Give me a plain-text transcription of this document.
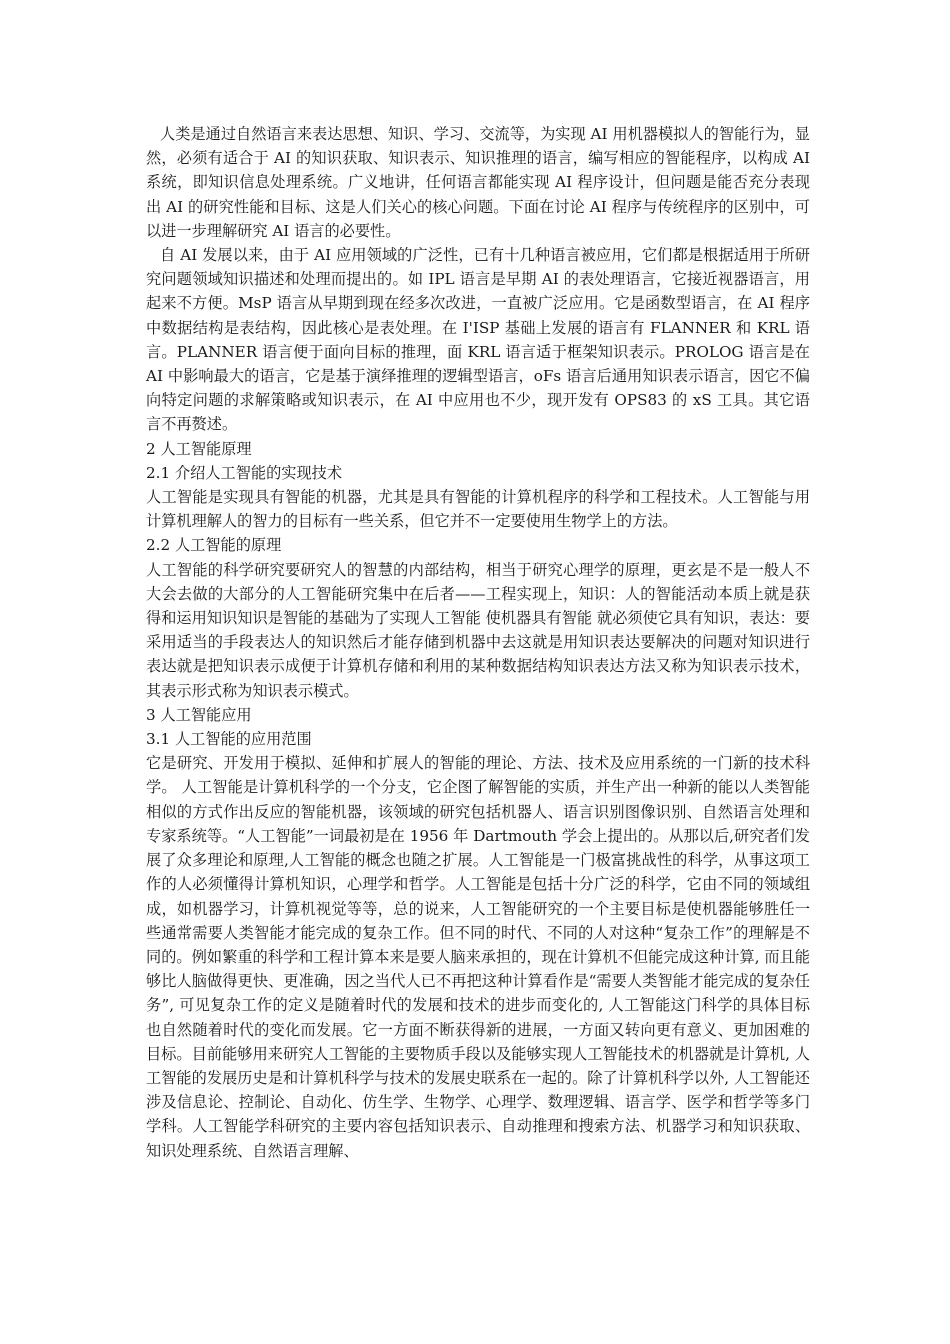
人类是通过自然语言来表达思想、知识、学习、交流等，为实现 AI 用机器模拟人的智能行为，显然，必须有适合于 AI 的知识获取、知识表示、知识推理的语言，编写相应的智能程序，以构成 AI 系统，即知识信息处理系统。广义地讲，任何语言都能实现 AI 程序设计，但问题是能否充分表现出 AI 的研究性能和目标、这是人们关心的核心问题。下面在讨论 AI 程序与传统程序的区别中，可以进一步理解研究 AI 语言的必要性。

自 AI 发展以来，由于 AI 应用领域的广泛性，已有十几种语言被应用，它们都是根据适用于所研究问题领域知识描述和处理而提出的。如 IPL 语言是早期 AI 的表处理语言，它接近视器语言，用起来不方便。MsP 语言从早期到现在经多次改进，一直被广泛应用。它是函数型语言，在 AI 程序中数据结构是表结构，因此核心是表处理。在 I'ISP 基础上发展的语言有 FLANNER 和 KRL 语言。PLANNER 语言便于面向目标的推理，面 KRL 语言适于框架知识表示。PROLOG 语言是在 AI 中影响最大的语言，它是基于演绎推理的逻辑型语言，oFs 语言后通用知识表示语言，因它不偏向特定问题的求解策略或知识表示，在 AI 中应用也不少，现开发有 OPS83 的 xS 工具。其它语言不再赘述。

2 人工智能原理

2.1 介绍人工智能的实现技术

人工智能是实现具有智能的机器，尤其是具有智能的计算机程序的科学和工程技术。人工智能与用计算机理解人的智力的目标有一些关系，但它并不一定要使用生物学上的方法。

2.2 人工智能的原理

人工智能的科学研究要研究人的智慧的内部结构，相当于研究心理学的原理，更玄是不是一般人不大会去做的大部分的人工智能研究集中在后者——工程实现上，知识：人的智能活动本质上就是获得和运用知识知识是智能的基础为了实现人工智能 使机器具有智能 就必须使它具有知识，表达：要采用适当的手段表达人的知识然后才能存储到机器中去这就是用知识表达要解决的问题对知识进行表达就是把知识表示成便于计算机存储和利用的某种数据结构知识表达方法又称为知识表示技术，其表示形式称为知识表示模式。

3 人工智能应用

3.1 人工智能的应用范围

它是研究、开发用于模拟、延伸和扩展人的智能的理论、方法、技术及应用系统的一门新的技术科学。 人工智能是计算机科学的一个分支，它企图了解智能的实质，并生产出一种新的能以人类智能相似的方式作出反应的智能机器，该领域的研究包括机器人、语言识别图像识别、自然语言处理和专家系统等。“人工智能”一词最初是在 1956 年 Dartmouth 学会上提出的。从那以后,研究者们发展了众多理论和原理,人工智能的概念也随之扩展。人工智能是一门极富挑战性的科学，从事这项工作的人必须懂得计算机知识，心理学和哲学。人工智能是包括十分广泛的科学，它由不同的领域组成，如机器学习，计算机视觉等等，总的说来，人工智能研究的一个主要目标是使机器能够胜任一些通常需要人类智能才能完成的复杂工作。但不同的时代、不同的人对这种“复杂工作”的理解是不同的。例如繁重的科学和工程计算本来是要人脑来承担的，现在计算机不但能完成这种计算, 而且能够比人脑做得更快、更准确，因之当代人已不再把这种计算看作是“需要人类智能才能完成的复杂任务”, 可见复杂工作的定义是随着时代的发展和技术的进步而变化的, 人工智能这门科学的具体目标也自然随着时代的变化而发展。它一方面不断获得新的进展，一方面又转向更有意义、更加困难的目标。目前能够用来研究人工智能的主要物质手段以及能够实现人工智能技术的机器就是计算机, 人工智能的发展历史是和计算机科学与技术的发展史联系在一起的。除了计算机科学以外, 人工智能还涉及信息论、控制论、自动化、仿生学、生物学、心理学、数理逻辑、语言学、医学和哲学等多门学科。人工智能学科研究的主要内容包括知识表示、自动推理和搜索方法、机器学习和知识获取、知识处理系统、自然语言理解、
